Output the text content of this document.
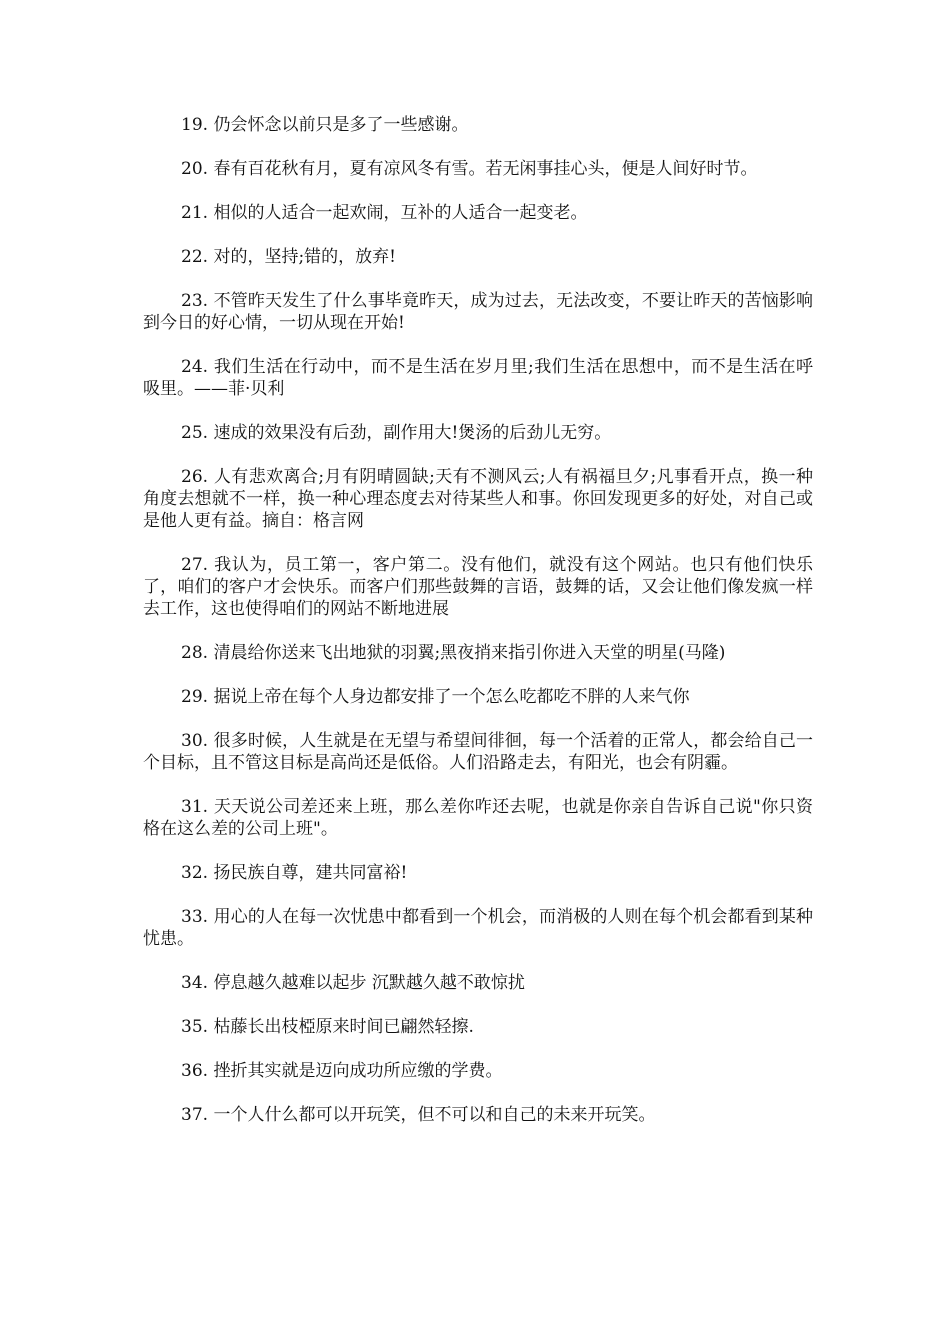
19. 仍会怀念以前只是多了一些感谢。

20. 春有百花秋有月，夏有凉风冬有雪。若无闲事挂心头，便是人间好时节。

21. 相似的人适合一起欢闹，互补的人适合一起变老。

22. 对的，坚持;错的，放弃!

23. 不管昨天发生了什么事毕竟昨天，成为过去，无法改变，不要让昨天的苦恼影响到今日的好心情，一切从现在开始!

24. 我们生活在行动中，而不是生活在岁月里;我们生活在思想中，而不是生活在呼吸里。——菲·贝利

25. 速成的效果没有后劲，副作用大!煲汤的后劲儿无穷。

26. 人有悲欢离合;月有阴晴圆缺;天有不测风云;人有祸福旦夕;凡事看开点，换一种角度去想就不一样，换一种心理态度去对待某些人和事。你回发现更多的好处，对自己或是他人更有益。摘自：格言网

27. 我认为，员工第一，客户第二。没有他们，就没有这个网站。也只有他们快乐了，咱们的客户才会快乐。而客户们那些鼓舞的言语，鼓舞的话，又会让他们像发疯一样去工作，这也使得咱们的网站不断地进展

28. 清晨给你送来飞出地狱的羽翼;黑夜捎来指引你进入天堂的明星(马隆)

29. 据说上帝在每个人身边都安排了一个怎么吃都吃不胖的人来气你

30. 很多时候，人生就是在无望与希望间徘徊，每一个活着的正常人，都会给自己一个目标，且不管这目标是高尚还是低俗。人们沿路走去，有阳光，也会有阴霾。

31. 天天说公司差还来上班，那么差你咋还去呢，也就是你亲自告诉自己说"你只资格在这么差的公司上班"。

32. 扬民族自尊，建共同富裕!

33. 用心的人在每一次忧患中都看到一个机会，而消极的人则在每个机会都看到某种忧患。

34. 停息越久越难以起步 沉默越久越不敢惊扰

35. 枯藤长出枝椏原来时间已翩然轻擦.

36. 挫折其实就是迈向成功所应缴的学费。

37. 一个人什么都可以开玩笑，但不可以和自己的未来开玩笑。
